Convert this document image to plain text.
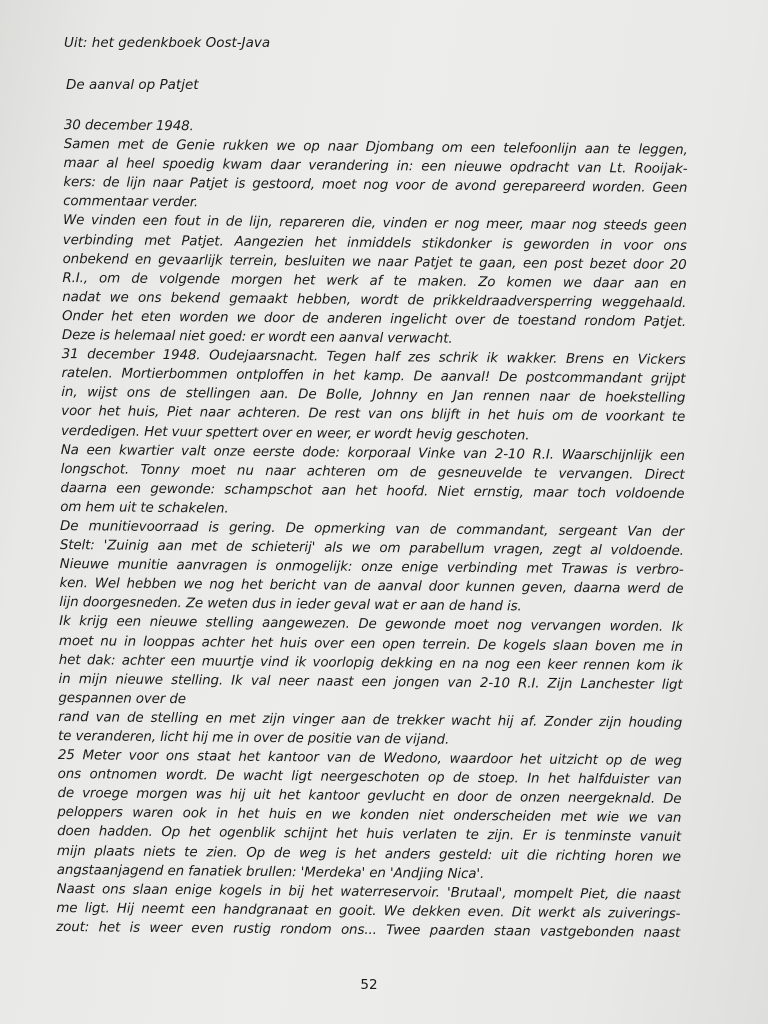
Uit: het gedenkboek Oost-Java

De aanval op Patjet

30 december 1948.
Samen met de Genie rukken we op naar Djombang om een telefoonlijn aan te leggen,
maar al heel spoedig kwam daar verandering in: een nieuwe opdracht van Lt. Rooijak-
kers: de lijn naar Patjet is gestoord, moet nog voor de avond gerepareerd worden. Geen
commentaar verder.
We vinden een fout in de lijn, repareren die, vinden er nog meer, maar nog steeds geen
verbinding met Patjet. Aangezien het inmiddels stikdonker is geworden in voor ons
onbekend en gevaarlijk terrein, besluiten we naar Patjet te gaan, een post bezet door 20
R.I., om de volgende morgen het werk af te maken. Zo komen we daar aan en
nadat we ons bekend gemaakt hebben, wordt de prikkeldraadversperring weggehaald.
Onder het eten worden we door de anderen ingelicht over de toestand rondom Patjet.
Deze is helemaal niet goed: er wordt een aanval verwacht.
31 december 1948. Oudejaarsnacht. Tegen half zes schrik ik wakker. Brens en Vickers
ratelen. Mortierbommen ontploffen in het kamp. De aanval! De postcommandant grijpt
in, wijst ons de stellingen aan. De Bolle, Johnny en Jan rennen naar de hoekstelling
voor het huis, Piet naar achteren. De rest van ons blijft in het huis om de voorkant te
verdedigen. Het vuur spettert over en weer, er wordt hevig geschoten.
Na een kwartier valt onze eerste dode: korporaal Vinke van 2-10 R.I. Waarschijnlijk een
longschot. Tonny moet nu naar achteren om de gesneuvelde te vervangen. Direct
daarna een gewonde: schampschot aan het hoofd. Niet ernstig, maar toch voldoende
om hem uit te schakelen.
De munitievoorraad is gering. De opmerking van de commandant, sergeant Van der
Stelt: 'Zuinig aan met de schieterij' als we om parabellum vragen, zegt al voldoende.
Nieuwe munitie aanvragen is onmogelijk: onze enige verbinding met Trawas is verbro-
ken. Wel hebben we nog het bericht van de aanval door kunnen geven, daarna werd de
lijn doorgesneden. Ze weten dus in ieder geval wat er aan de hand is.
Ik krijg een nieuwe stelling aangewezen. De gewonde moet nog vervangen worden. Ik
moet nu in looppas achter het huis over een open terrein. De kogels slaan boven me in
het dak: achter een muurtje vind ik voorlopig dekking en na nog een keer rennen kom ik
in mijn nieuwe stelling. Ik val neer naast een jongen van 2-10 R.I. Zijn Lanchester ligt
gespannen over de
rand van de stelling en met zijn vinger aan de trekker wacht hij af. Zonder zijn houding
te veranderen, licht hij me in over de positie van de vijand.
25 Meter voor ons staat het kantoor van de Wedono, waardoor het uitzicht op de weg
ons ontnomen wordt. De wacht ligt neergeschoten op de stoep. In het halfduister van
de vroege morgen was hij uit het kantoor gevlucht en door de onzen neergeknald. De
peloppers waren ook in het huis en we konden niet onderscheiden met wie we van
doen hadden. Op het ogenblik schijnt het huis verlaten te zijn. Er is tenminste vanuit
mijn plaats niets te zien. Op de weg is het anders gesteld: uit die richting horen we
angstaanjagend en fanatiek brullen: 'Merdeka' en 'Andjing Nica'.
Naast ons slaan enige kogels in bij het waterreservoir. 'Brutaal', mompelt Piet, die naast
me ligt. Hij neemt een handgranaat en gooit. We dekken even. Dit werkt als zuiverings-
zout: het is weer even rustig rondom ons... Twee paarden staan vastgebonden naast
52
